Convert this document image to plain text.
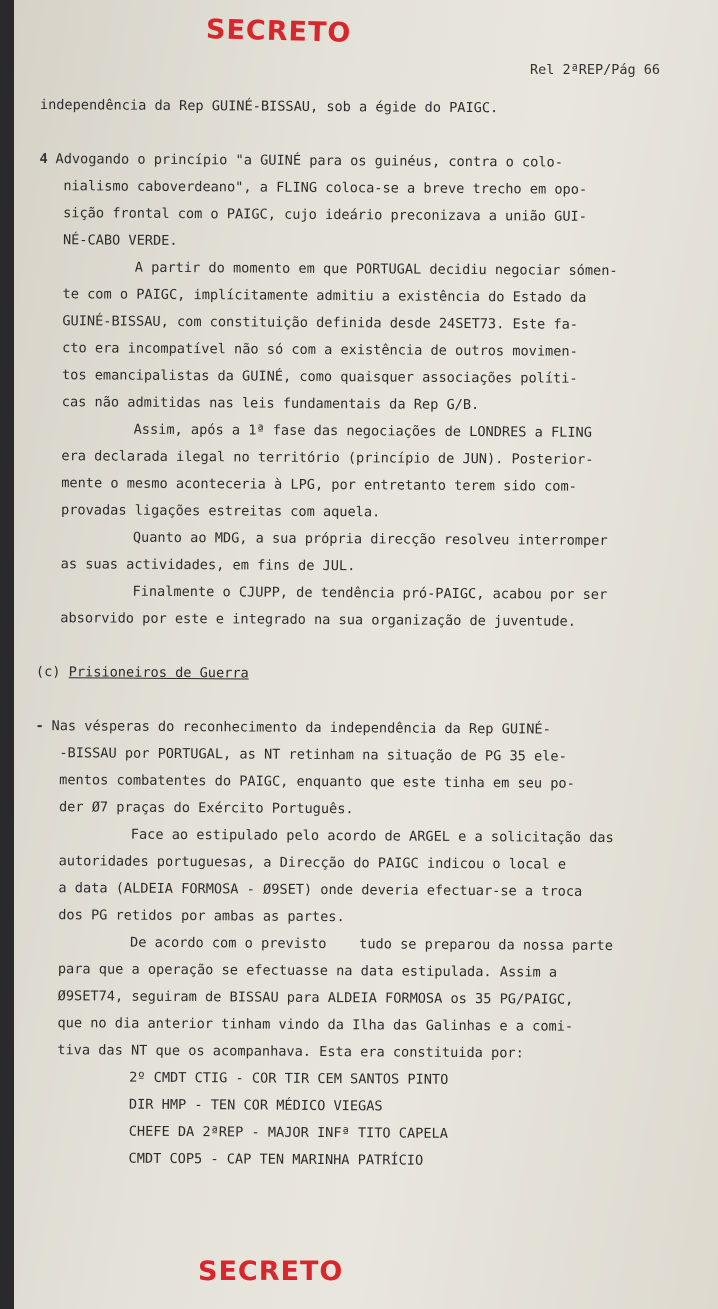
SECRETO
Rel 2ªREP/Pág 66
independência da Rep GUINÉ-BISSAU, sob a égide do PAIGC.
4 Advogando o princípio "a GUINÉ para os guinéus, contra o colo-
nialismo caboverdeano", a FLING coloca-se a breve trecho em opo-
sição frontal com o PAIGC, cujo ideário preconizava a união GUI-
NÉ-CABO VERDE.
A partir do momento em que PORTUGAL decidiu negociar sómen-
te com o PAIGC, implícitamente admitiu a existência do Estado da
GUINÉ-BISSAU, com constituição definida desde 24SET73. Este fa-
cto era incompatível não só com a existência de outros movimen-
tos emancipalistas da GUINÉ, como quaisquer associações políti-
cas não admitidas nas leis fundamentais da Rep G/B.
Assim, após a 1ª fase das negociações de LONDRES a FLING
era declarada ilegal no território (princípio de JUN). Posterior-
mente o mesmo aconteceria à LPG, por entretanto terem sido com-
provadas ligações estreitas com aquela.
Quanto ao MDG, a sua própria direcção resolveu interromper
as suas actividades, em fins de JUL.
Finalmente o CJUPP, de tendência pró-PAIGC, acabou por ser
absorvido por este e integrado na sua organização de juventude.
(c) Prisioneiros de Guerra
- Nas vésperas do reconhecimento da independência da Rep GUINÉ-
-BISSAU por PORTUGAL, as NT retinham na situação de PG 35 ele-
mentos combatentes do PAIGC, enquanto que este tinha em seu po-
der Ø7 praças do Exército Português.
Face ao estipulado pelo acordo de ARGEL e a solicitação das
autoridades portuguesas, a Direcção do PAIGC indicou o local e
a data (ALDEIA FORMOSA - Ø9SET) onde deveria efectuar-se a troca
dos PG retidos por ambas as partes.
De acordo com o previsto    tudo se preparou da nossa parte
para que a operação se efectuasse na data estipulada. Assim a
Ø9SET74, seguiram de BISSAU para ALDEIA FORMOSA os 35 PG/PAIGC,
que no dia anterior tinham vindo da Ilha das Galinhas e a comi-
tiva das NT que os acompanhava. Esta era constituida por:
2º CMDT CTIG - COR TIR CEM SANTOS PINTO
DIR HMP - TEN COR MÉDICO VIEGAS
CHEFE DA 2ªREP - MAJOR INFª TITO CAPELA
CMDT COP5 - CAP TEN MARINHA PATRÍCIO
SECRETO
